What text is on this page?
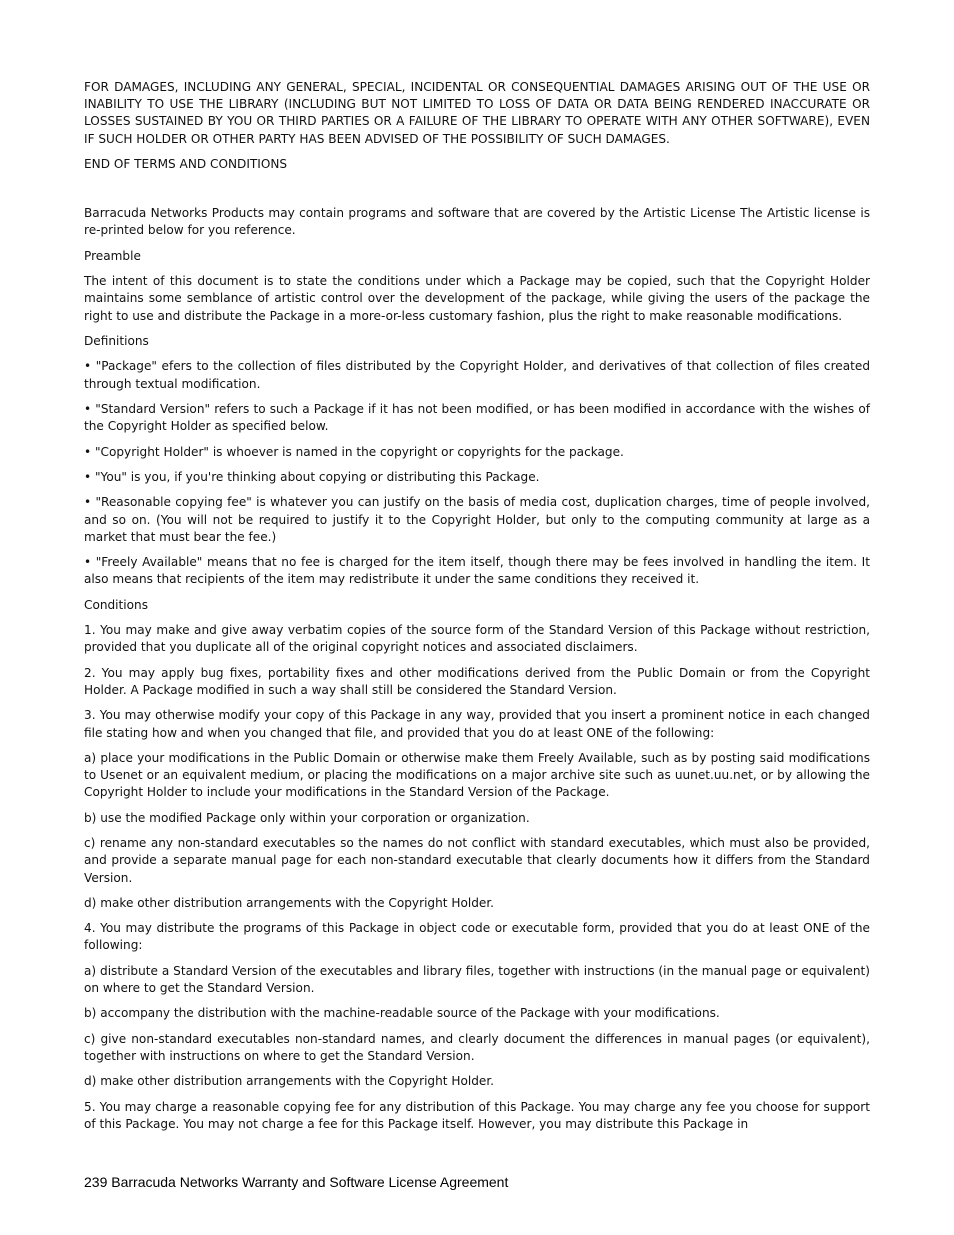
FOR DAMAGES, INCLUDING ANY GENERAL, SPECIAL, INCIDENTAL OR CONSEQUENTIAL DAMAGES ARISING OUT OF THE USE OR INABILITY TO USE THE LIBRARY (INCLUDING BUT NOT LIMITED TO LOSS OF DATA OR DATA BEING RENDERED INACCURATE OR LOSSES SUSTAINED BY YOU OR THIRD PARTIES OR A FAILURE OF THE LIBRARY TO OPERATE WITH ANY OTHER SOFTWARE), EVEN IF SUCH HOLDER OR OTHER PARTY HAS BEEN ADVISED OF THE POSSIBILITY OF SUCH DAMAGES.

END OF TERMS AND CONDITIONS

Barracuda Networks Products may contain programs and software that are covered by the Artistic License The Artistic license is re-printed below for you reference.

Preamble

The intent of this document is to state the conditions under which a Package may be copied, such that the Copyright Holder maintains some semblance of artistic control over the development of the package, while giving the users of the package the right to use and distribute the Package in a more-or-less customary fashion, plus the right to make reasonable modifications.

Definitions

• "Package" efers to the collection of files distributed by the Copyright Holder, and derivatives of that collection of files created through textual modification.

• "Standard Version" refers to such a Package if it has not been modified, or has been modified in accordance with the wishes of the Copyright Holder as specified below.

• "Copyright Holder" is whoever is named in the copyright or copyrights for the package.

• "You" is you, if you're thinking about copying or distributing this Package.

• "Reasonable copying fee" is whatever you can justify on the basis of media cost, duplication charges, time of people involved, and so on. (You will not be required to justify it to the Copyright Holder, but only to the computing community at large as a market that must bear the fee.)

• "Freely Available" means that no fee is charged for the item itself, though there may be fees involved in handling the item. It also means that recipients of the item may redistribute it under the same conditions they received it.

Conditions

1. You may make and give away verbatim copies of the source form of the Standard Version of this Package without restriction, provided that you duplicate all of the original copyright notices and associated disclaimers.

2. You may apply bug fixes, portability fixes and other modifications derived from the Public Domain or from the Copyright Holder. A Package modified in such a way shall still be considered the Standard Version.

3. You may otherwise modify your copy of this Package in any way, provided that you insert a prominent notice in each changed file stating how and when you changed that file, and provided that you do at least ONE of the following:

a) place your modifications in the Public Domain or otherwise make them Freely Available, such as by posting said modifications to Usenet or an equivalent medium, or placing the modifications on a major archive site such as uunet.uu.net, or by allowing the Copyright Holder to include your modifications in the Standard Version of the Package.

b) use the modified Package only within your corporation or organization.

c) rename any non-standard executables so the names do not conflict with standard executables, which must also be provided, and provide a separate manual page for each non-standard executable that clearly documents how it differs from the Standard Version.

d) make other distribution arrangements with the Copyright Holder.

4. You may distribute the programs of this Package in object code or executable form, provided that you do at least ONE of the following:

a) distribute a Standard Version of the executables and library files, together with instructions (in the manual page or equivalent) on where to get the Standard Version.

b) accompany the distribution with the machine-readable source of the Package with your modifications.

c) give non-standard executables non-standard names, and clearly document the differences in manual pages (or equivalent), together with instructions on where to get the Standard Version.

d) make other distribution arrangements with the Copyright Holder.

5. You may charge a reasonable copying fee for any distribution of this Package. You may charge any fee you choose for support of this Package. You may not charge a fee for this Package itself. However, you may distribute this Package in

239 Barracuda Networks Warranty and Software License Agreement
